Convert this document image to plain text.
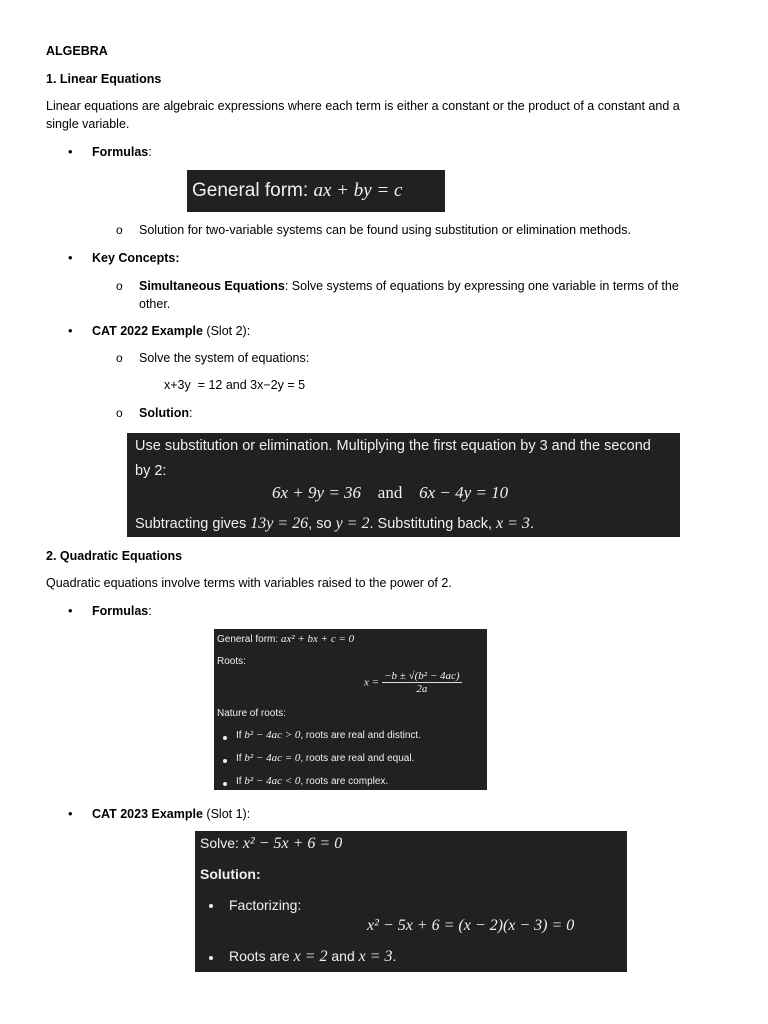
ALGEBRA
1. Linear Equations
Linear equations are algebraic expressions where each term is either a constant or the product of a constant and a
single variable.
• Formulas:
General form: ax + by = c
o Solution for two-variable systems can be found using substitution or elimination methods.
• Key Concepts:
o Simultaneous Equations: Solve systems of equations by expressing one variable in terms of the
other.
• CAT 2022 Example (Slot 2):
o Solve the system of equations:
x+3y  = 12 and 3x−2y = 5
o Solution:
Use substitution or elimination. Multiplying the first equation by 3 and the second
by 2:
6x + 9y = 36 and 6x − 4y = 10
Subtracting gives 13y = 26, so y = 2. Substituting back, x = 3.
2. Quadratic Equations
Quadratic equations involve terms with variables raised to the power of 2.
• Formulas:
General form: ax² + bx + c = 0
Roots:
$x = \frac{\text{−b ± √(b² − 4ac)}}{2a}$
Nature of roots:
If b² − 4ac > 0, roots are real and distinct.
If b² − 4ac = 0, roots are real and equal.
If b² − 4ac < 0, roots are complex.
• CAT 2023 Example (Slot 1):
Solve: x² − 5x + 6 = 0
Solution:
Factorizing:
x² − 5x + 6 = (x − 2)(x − 3) = 0
Roots are x = 2 and x = 3.
